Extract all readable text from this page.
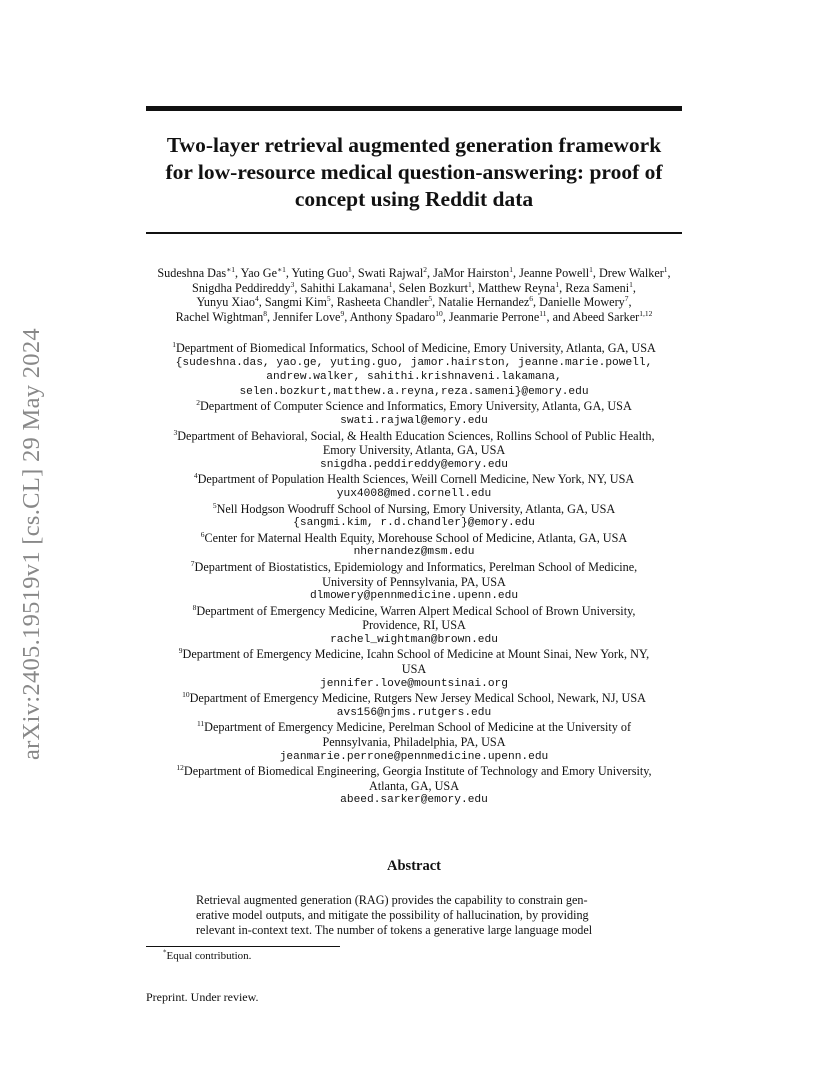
arXiv:2405.19519v1 [cs.CL] 29 May 2024
Two-layer retrieval augmented generation framework
for low-resource medical question-answering: proof of
concept using Reddit data
Sudeshna Das$^{∗1}$, Yao $Ge^{∗1}$, Yuting Guo$^1$, Swati Rajwal$^2$, JaMor Hairston$^1$, Jeanne Powell$^1$, Drew Walker$^1$,
Snigdha Peddireddy$^3$, Sahithi Lakamana$^1$, Selen Bozkurt$^1$, Matthew Reyna$^1$, Reza Sameni$^1$,
Yunyu Xiao$^4$, Sangmi Kim$^5$, Rasheeta Chandler$^5$, Natalie Hernandez$^6$, Danielle Mowery$^7$,
Rachel Wightman$^8$, Jennifer Love$^9$, Anthony Spadaro$^{10}$, Jeanmarie Perrone$^{11}$, and Abeed Sarker$^{1,12}$
$^1$Department of Biomedical Informatics, School of Medicine, Emory University, Atlanta, GA, USA
{sudeshna.das, yao.ge, yuting.guo, jamor.hairston, jeanne.marie.powell,
andrew.walker, sahithi.krishnaveni.lakamana,
selen.bozkurt,matthew.a.reyna,reza.sameni}@emory.edu
$^2$Department of Computer Science and Informatics, Emory University, Atlanta, GA, USA
swati.rajwal@emory.edu
$^3$Department of Behavioral, Social, & Health Education Sciences, Rollins School of Public Health,
Emory University, Atlanta, GA, USA
snigdha.peddireddy@emory.edu
$^4$Department of Population Health Sciences, Weill Cornell Medicine, New York, NY, USA
yux4008@med.cornell.edu
$^5$Nell Hodgson Woodruff School of Nursing, Emory University, Atlanta, GA, USA
{sangmi.kim, r.d.chandler}@emory.edu
$^6$Center for Maternal Health Equity, Morehouse School of Medicine, Atlanta, GA, USA
nhernandez@msm.edu
$^7$Department of Biostatistics, Epidemiology and Informatics, Perelman School of Medicine,
University of Pennsylvania, PA, USA
dlmowery@pennmedicine.upenn.edu
$^8$Department of Emergency Medicine, Warren Alpert Medical School of Brown University,
Providence, RI, USA
rachel_wightman@brown.edu
$^9$Department of Emergency Medicine, Icahn School of Medicine at Mount Sinai, New York, NY,
USA
jennifer.love@mountsinai.org
$^{10}$Department of Emergency Medicine, Rutgers New Jersey Medical School, Newark, NJ, USA
avs156@njms.rutgers.edu
$^{11}$Department of Emergency Medicine, Perelman School of Medicine at the University of
Pennsylvania, Philadelphia, PA, USA
jeanmarie.perrone@pennmedicine.upenn.edu
$^{12}$Department of Biomedical Engineering, Georgia Institute of Technology and Emory University,
Atlanta, GA, USA
abeed.sarker@emory.edu
Abstract
Retrieval augmented generation (RAG) provides the capability to constrain gen-
erative model outputs, and mitigate the possibility of hallucination, by providing
relevant in-context text. The number of tokens a generative large language model
*Equal contribution.
Preprint. Under review.
